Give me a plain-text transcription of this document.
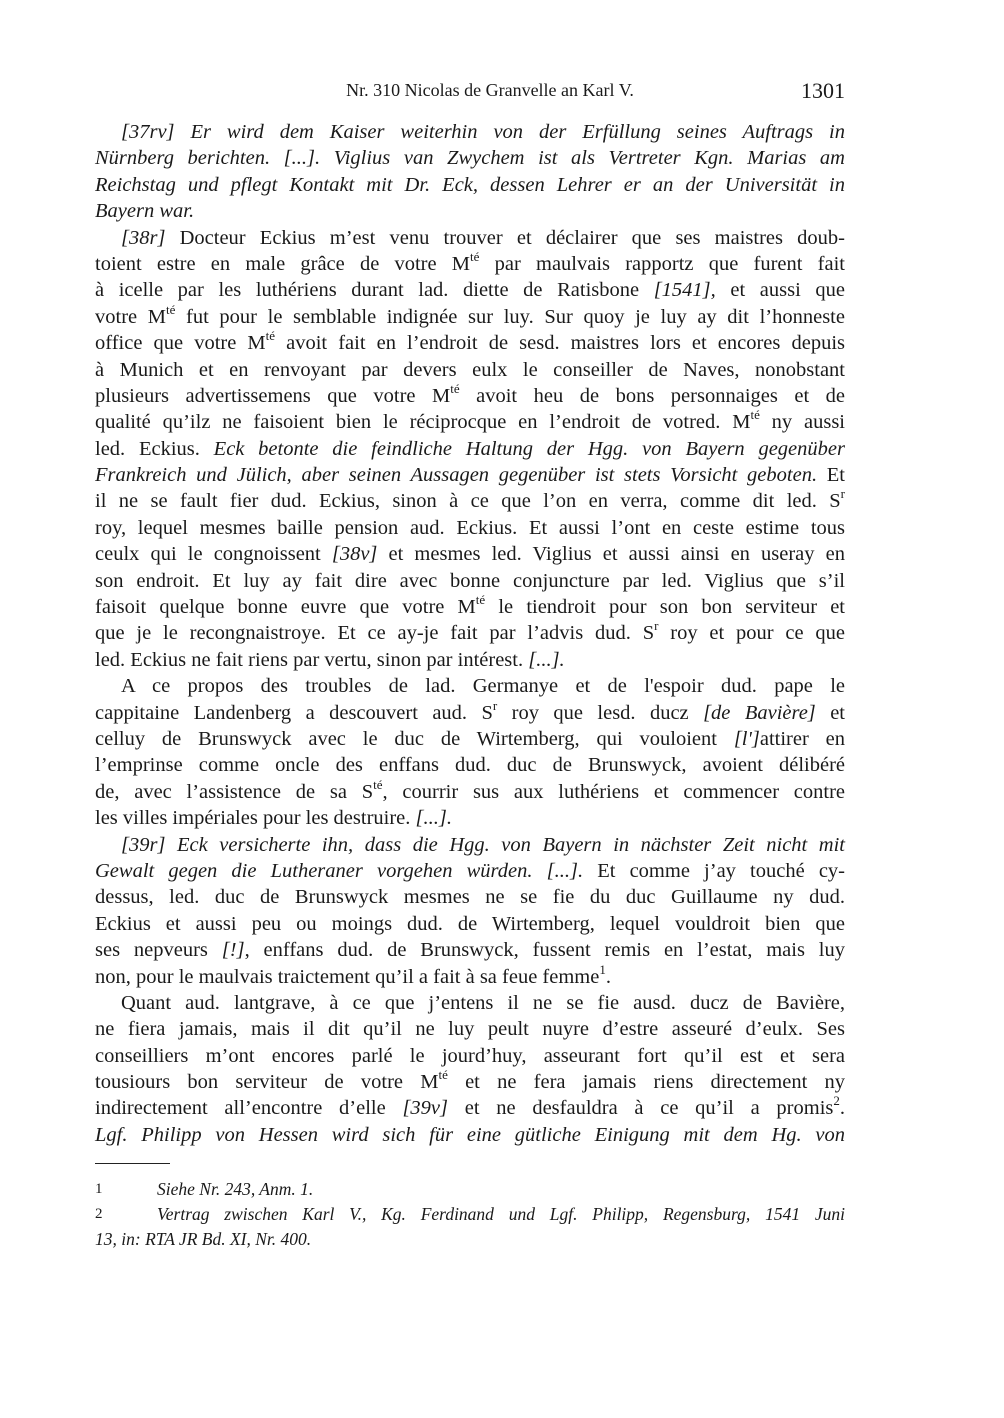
Nr. 310 Nicolas de Granvelle an Karl V.	1301
[37rv] Er wird dem Kaiser weiterhin von der Erfüllung seines Auftrags in
Nürnberg berichten. [...]. Viglius van Zwychem ist als Vertreter Kgn. Marias am
Reichstag und pflegt Kontakt mit Dr. Eck, dessen Lehrer er an der Universität in
Bayern war.
[38r] Docteur Eckius m’est venu trouver et déclairer que ses maistres doub-
toient estre en male grâce de votre $M^{té}$ par maulvais rapportz que furent fait
à icelle par les luthériens durant lad. diette de Ratisbone [1541], et aussi que
votre $M^{té}$ fut pour le semblable indignée sur luy. Sur quoy je luy ay dit l’honneste
office que votre $M^{té}$ avoit fait en l’endroit de sesd. maistres lors et encores depuis
à Munich et en renvoyant par devers eulx le conseiller de Naves, nonobstant
plusieurs advertissemens que votre $M^{té}$ avoit heu de bons personnaiges et de
qualité qu’ilz ne faisoient bien le réciprocque en l’endroit de votred. $M^{té}$ ny aussi
led. Eckius. Eck betonte die feindliche Haltung der Hgg. von Bayern gegenüber
Frankreich und Jülich, aber seinen Aussagen gegenüber ist stets Vorsicht geboten. Et
il ne se fault fier dud. Eckius, sinon à ce que l’on en verra, comme dit led. $S^r$
roy, lequel mesmes baille pension aud. Eckius. Et aussi l’ont en ceste estime tous
ceulx qui le congnoissent [38v] et mesmes led. Viglius et aussi ainsi en useray en
son endroit. Et luy ay fait dire avec bonne conjuncture par led. Viglius que s’il
faisoit quelque bonne euvre que votre $M^{té}$ le tiendroit pour son bon serviteur et
que je le recongnaistroye. Et ce ay-je fait par l’advis dud. $S^r$ roy et pour ce que
led. Eckius ne fait riens par vertu, sinon par intérest. [...].
A ce propos des troubles de lad. Germanye et de l'espoir dud. pape le
cappitaine Landenberg a descouvert aud. $S^r$ roy que lesd. ducz [de Bavière] et
celluy de Brunswyck avec le duc de Wirtemberg, qui vouloient [l']attirer en
l’emprinse comme oncle des enffans dud. duc de Brunswyck, avoient délibéré
de, avec l’assistence de sa $S^{té}$, courrir sus aux luthériens et commencer contre
les villes impériales pour les destruire. [...].
[39r] Eck versicherte ihn, dass die Hgg. von Bayern in nächster Zeit nicht mit
Gewalt gegen die Lutheraner vorgehen würden. [...]. Et comme j’ay touché cy-
dessus, led. duc de Brunswyck mesmes ne se fie du duc Guillaume ny dud.
Eckius et aussi peu ou moings dud. de Wirtemberg, lequel vouldroit bien que
ses nepveurs [!], enffans dud. de Brunswyck, fussent remis en l’estat, mais luy
non, pour le maulvais traictement qu’il a fait à sa feue femme$^1$.
Quant aud. lantgrave, à ce que j’entens il ne se fie ausd. ducz de Bavière,
ne fiera jamais, mais il dit qu’il ne luy peult nuyre d’estre asseuré d’eulx. Ses
conseilliers m’ont encores parlé le jourd’huy, asseurant fort qu’il est et sera
tousiours bon serviteur de votre $M^{té}$ et ne fera jamais riens directement ny
indirectement all’encontre d’elle [39v] et ne desfauldra à ce qu’il a promis$^2$.
Lgf. Philipp von Hessen wird sich für eine gütliche Einigung mit dem Hg. von
1	Siehe Nr. 243, Anm. 1.
2	Vertrag zwischen Karl V., Kg. Ferdinand und Lgf. Philipp, Regensburg, 1541 Juni
13, in: RTA JR Bd. XI, Nr. 400.
